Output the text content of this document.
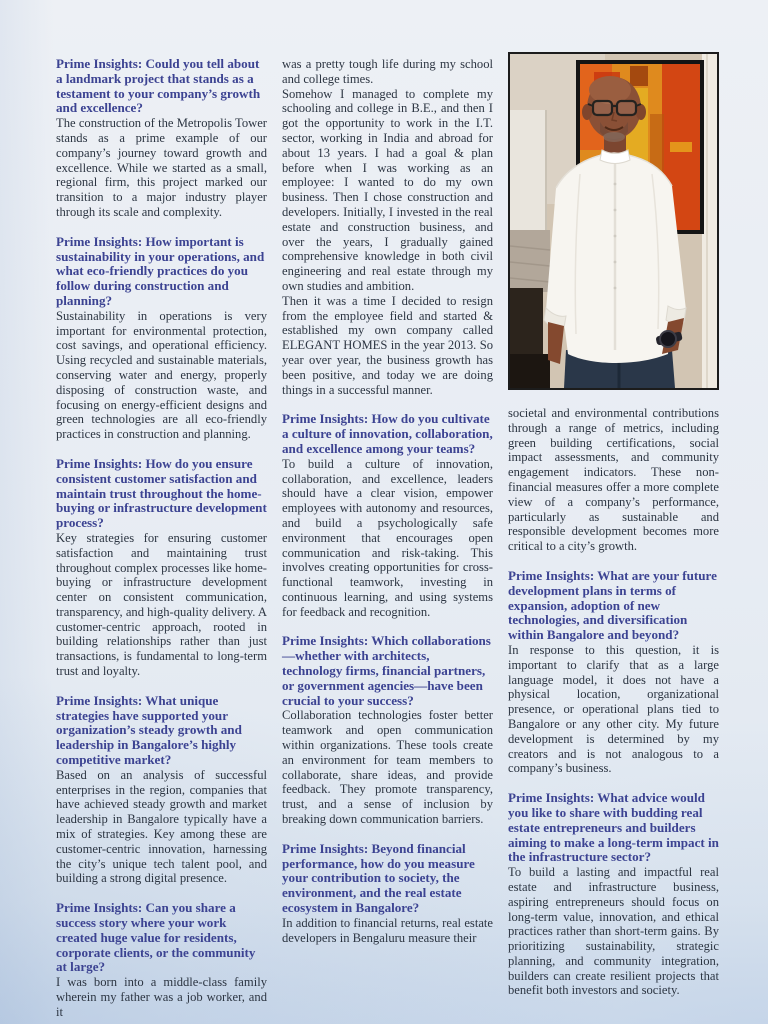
Prime Insights: Could you tell about a landmark project that stands as a testament to your company’s growth and excellence?

The construction of the Metropolis Tower stands as a prime example of our company’s journey toward growth and excellence. While we started as a small, regional firm, this project marked our transition to a major industry player through its scale and complexity.

Prime Insights: How important is sustainability in your operations, and what eco-friendly practices do you follow during construction and planning?

Sustainability in operations is very important for environmental protection, cost savings, and operational efficiency. Using recycled and sustainable materials, conserving water and energy, properly disposing of construction waste, and focusing on energy-efficient designs and green technologies are all eco-friendly practices in construction and planning.

Prime Insights: How do you ensure consistent customer satisfaction and maintain trust throughout the home-buying or infrastructure development process?

Key strategies for ensuring customer satisfaction and maintaining trust throughout complex processes like home-buying or infrastructure development center on consistent communication, transparency, and high-quality delivery. A customer-centric approach, rooted in building relationships rather than just transactions, is fundamental to long-term trust and loyalty.

Prime Insights: What unique strategies have supported your organization’s steady growth and leadership in Bangalore’s highly competitive market?

Based on an analysis of successful enterprises in the region, companies that have achieved steady growth and market leadership in Bangalore typically have a mix of strategies. Key among these are customer-centric innovation, harnessing the city’s unique tech talent pool, and building a strong digital presence.

Prime Insights: Can you share a success story where your work created huge value for residents, corporate clients, or the community at large?

I was born into a middle-class family wherein my father was a job worker, and it

was a pretty tough life during my school and college times.

Somehow I managed to complete my schooling and college in B.E., and then I got the opportunity to work in the I.T. sector, working in India and abroad for about 13 years. I had a goal & plan before when I was working as an employee: I wanted to do my own business. Then I chose construction and developers. Initially, I invested in the real estate and construction business, and over the years, I gradually gained comprehensive knowledge in both civil engineering and real estate through my own studies and ambition.

Then it was a time I decided to resign from the employee field and started & established my own company called ELEGANT HOMES in the year 2013. So year over year, the business growth has been positive, and today we are doing things in a successful manner.

Prime Insights: How do you cultivate a culture of innovation, collaboration, and excellence among your teams?

To build a culture of innovation, collaboration, and excellence, leaders should have a clear vision, empower employees with autonomy and resources, and build a psychologically safe environment that encourages open communication and risk-taking. This involves creating opportunities for cross-functional teamwork, investing in continuous learning, and using systems for feedback and recognition.

Prime Insights: Which collaborations—whether with architects, technology firms, financial partners, or government agencies—have been crucial to your success?

Collaboration technologies foster better teamwork and open communication within organizations. These tools create an environment for team members to collaborate, share ideas, and provide feedback. They promote transparency, trust, and a sense of inclusion by breaking down communication barriers.

Prime Insights: Beyond financial performance, how do you measure your contribution to society, the environment, and the real estate ecosystem in Bangalore?

In addition to financial returns, real estate developers in Bengaluru measure their

societal and environmental contributions through a range of metrics, including green building certifications, social impact assessments, and community engagement indicators. These non-financial measures offer a more complete view of a company’s performance, particularly as sustainable and responsible development becomes more critical to a city’s growth.

Prime Insights: What are your future development plans in terms of expansion, adoption of new technologies, and diversification within Bangalore and beyond?

In response to this question, it is important to clarify that as a large language model, it does not have a physical location, organizational presence, or operational plans tied to Bangalore or any other city. My future development is determined by my creators and is not analogous to a company’s business.

Prime Insights: What advice would you like to share with budding real estate entrepreneurs and builders aiming to make a long-term impact in the infrastructure sector?

To build a lasting and impactful real estate and infrastructure business, aspiring entrepreneurs should focus on long-term value, innovation, and ethical practices rather than short-term gains. By prioritizing sustainability, strategic planning, and community integration, builders can create resilient projects that benefit both investors and society.
